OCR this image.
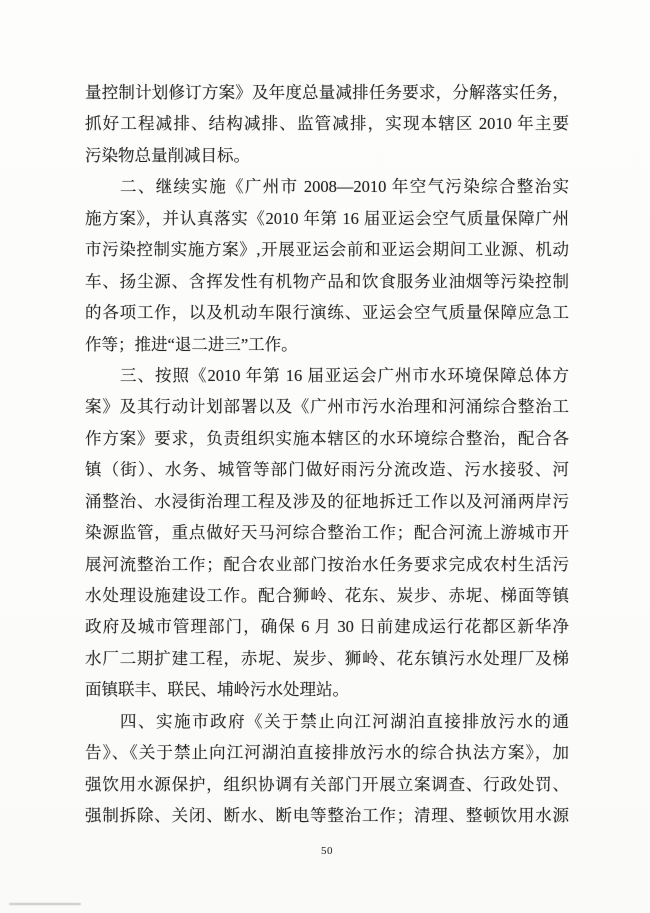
量控制计划修订方案》及年度总量减排任务要求，分解落实任务，
抓好工程减排、结构减排、监管减排，实现本辖区 2010 年主要
污染物总量削减目标。
二、继续实施《广州市 2008—2010 年空气污染综合整治实
施方案》，并认真落实《2010 年第 16 届亚运会空气质量保障广州
市污染控制实施方案》,开展亚运会前和亚运会期间工业源、机动
车、扬尘源、含挥发性有机物产品和饮食服务业油烟等污染控制
的各项工作，以及机动车限行演练、亚运会空气质量保障应急工
作等；推进“退二进三”工作。
三、按照《2010 年第 16 届亚运会广州市水环境保障总体方
案》及其行动计划部署以及《广州市污水治理和河涌综合整治工
作方案》要求，负责组织实施本辖区的水环境综合整治，配合各
镇（街）、水务、城管等部门做好雨污分流改造、污水接驳、河
涌整治、水浸街治理工程及涉及的征地拆迁工作以及河涌两岸污
染源监管，重点做好天马河综合整治工作；配合河流上游城市开
展河流整治工作；配合农业部门按治水任务要求完成农村生活污
水处理设施建设工作。配合狮岭、花东、炭步、赤坭、梯面等镇
政府及城市管理部门，确保 6 月 30 日前建成运行花都区新华净
水厂二期扩建工程，赤坭、炭步、狮岭、花东镇污水处理厂及梯
面镇联丰、联民、埔岭污水处理站。
四、实施市政府《关于禁止向江河湖泊直接排放污水的通
告》、《关于禁止向江河湖泊直接排放污水的综合执法方案》，加
强饮用水源保护，组织协调有关部门开展立案调查、行政处罚、
强制拆除、关闭、断水、断电等整治工作；清理、整顿饮用水源
50
